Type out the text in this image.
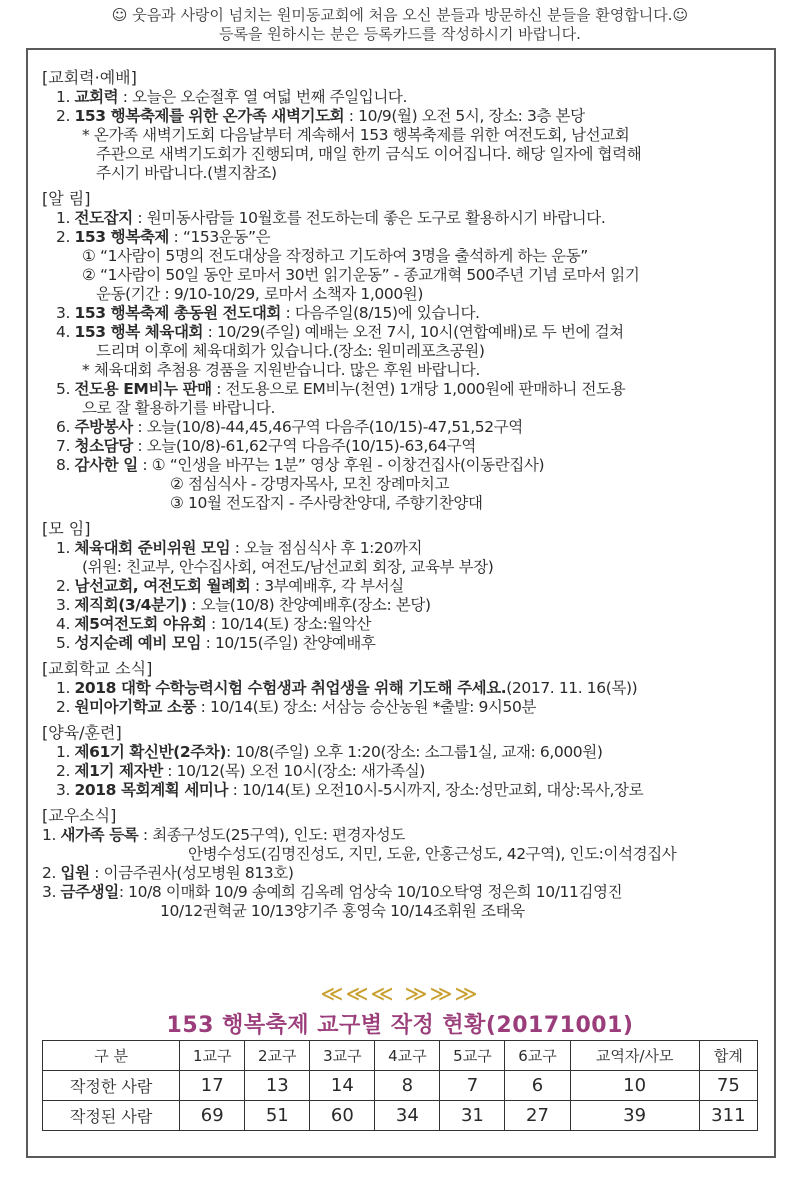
☺ 웃음과 사랑이 넘치는 원미동교회에 처음 오신 분들과 방문하신 분들을 환영합니다.☺
등록을 원하시는 분은 등록카드를 작성하시기 바랍니다.
[교회력·예배]
1. 교회력 : 오늘은 오순절후 열 여덟 번째 주일입니다.
2. 153 행복축제를 위한 온가족 새벽기도회 : 10/9(월) 오전 5시, 장소: 3층 본당
* 온가족 새벽기도회 다음날부터 계속해서 153 행복축제를 위한 여전도회, 남선교회
주관으로 새벽기도회가 진행되며, 매일 한끼 금식도 이어집니다. 해당 일자에 협력해
주시기 바랍니다.(별지참조)
[알 림]
1. 전도잡지 : 원미동사람들 10월호를 전도하는데 좋은 도구로 활용하시기 바랍니다.
2. 153 행복축제 : “153운동”은
① “1사람이 5명의 전도대상을 작정하고 기도하여 3명을 출석하게 하는 운동”
② “1사람이 50일 동안 로마서 30번 읽기운동” - 종교개혁 500주년 기념 로마서 읽기
운동(기간 : 9/10-10/29, 로마서 소책자 1,000원)
3. 153 행복축제 총동원 전도대회 : 다음주일(8/15)에 있습니다.
4. 153 행복 체육대회 : 10/29(주일) 예배는 오전 7시, 10시(연합예배)로 두 번에 걸쳐
드리며 이후에 체육대회가 있습니다.(장소: 원미레포츠공원)
* 체육대회 추첨용 경품을 지원받습니다. 많은 후원 바랍니다.
5. 전도용 EM비누 판매 : 전도용으로 EM비누(천연) 1개당 1,000원에 판매하니 전도용
으로 잘 활용하기를 바랍니다.
6. 주방봉사 : 오늘(10/8)-44,45,46구역 다음주(10/15)-47,51,52구역
7. 청소담당 : 오늘(10/8)-61,62구역 다음주(10/15)-63,64구역
8. 감사한 일 : ① “인생을 바꾸는 1분” 영상 후원 - 이창건집사(이동란집사)
② 점심식사 - 강명자목사, 모친 장례마치고
③ 10월 전도잡지 - 주사랑찬양대, 주향기찬양대
[모 임]
1. 체육대회 준비위원 모임 : 오늘 점심식사 후 1:20까지
(위원: 친교부, 안수집사회, 여전도/남선교회 회장, 교육부 부장)
2. 남선교회, 여전도회 월례회 : 3부예배후, 각 부서실
3. 제직회(3/4분기) : 오늘(10/8) 찬양예배후(장소: 본당)
4. 제5여전도회 야유회 : 10/14(토) 장소:월악산
5. 성지순례 예비 모임 : 10/15(주일) 찬양예배후
[교회학교 소식]
1. 2018 대학 수학능력시험 수험생과 취업생을 위해 기도해 주세요.(2017. 11. 16(목))
2. 원미아기학교 소풍 : 10/14(토) 장소: 서삼능 승산농원 *출발: 9시50분
[양육/훈련]
1. 제61기 확신반(2주차): 10/8(주일) 오후 1:20(장소: 소그룹1실, 교재: 6,000원)
2. 제1기 제자반 : 10/12(목) 오전 10시(장소: 새가족실)
3. 2018 목회계획 세미나 : 10/14(토) 오전10시-5시까지, 장소:성만교회, 대상:목사,장로
[교우소식]
1. 새가족 등록 : 최종구성도(25구역), 인도: 편경자성도
안병수성도(김명진성도, 지민, 도윤, 안홍근성도, 42구역), 인도:이석경집사
2. 입원 : 이금주권사(성모병원 813호)
3. 금주생일: 10/8 이매화 10/9 송예희 김옥례 엄상숙 10/10오탁영 정은희 10/11김영진
10/12권혁균 10/13양기주 홍영숙 10/14조휘원 조태욱
≪≪≪ ≫≫≫
153 행복축제 교구별 작정 현황(20171001)
구 분	1교구	2교구	3교구	4교구	5교구	6교구	교역자/사모	합계
작정한 사람	17	13	14	8	7	6	10	75
작정된 사람	69	51	60	34	31	27	39	311
